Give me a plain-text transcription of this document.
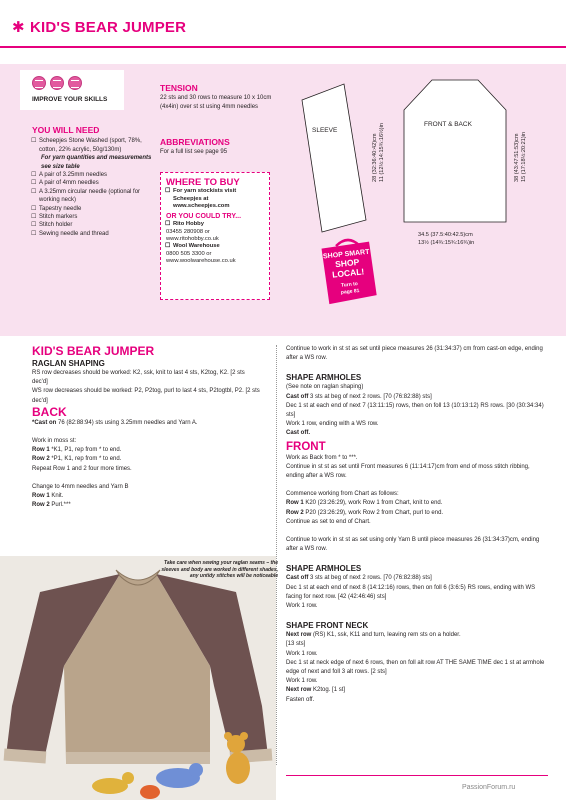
✱ KID'S BEAR JUMPER
IMPROVE YOUR SKILLS
YOU WILL NEED
☐ Scheepjes Stone Washed (sport, 78%, cotton, 22% acrylic, 50g/130m)
For yarn quantities and measurements see size table
☐ A pair of 3.25mm needles
☐ A pair of 4mm needles
☐ A 3.25mm circular needle (optional for working neck)
☐ Tapestry needle
☐ Stitch markers
☐ Stitch holder
☐ Sewing needle and thread
TENSION

22 sts and 30 rows to measure 10 x 10cm (4x4in) over st st using 4mm needles

ABBREVIATIONS

For a full list see page 95

WHERE TO BUY
☐ For yarn stockists visit Scheepjes at www.scheepjes.com
OR YOU COULD TRY...
☐ Rito Hobby
03455 280908 or
www.ritohobby.co.uk
☐ Wool Warehouse
0800 505 3300 or
www.woolwarehouse.co.uk
SLEEVE
28 (32:36:40:42)cm 11 (12½:14:15¾:16½)in	FRONT & BACK
38 (43:47:51:53)cm 15 (17:18½:20:21)in
34.5 (37.5:40:42.5)cm
13½ (14¾:15¾:16¾)in
SHOP SMART
SHOP
LOCAL!
Turn to
page 81
KID'S BEAR JUMPER
RAGLAN SHAPING

RS row decreases should be worked: K2, ssk, knit to last 4 sts, K2tog, K2. [2 sts dec'd]

WS row decreases should be worked: P2, P2tog, purl to last 4 sts, P2togtbl, P2. [2 sts dec'd]

BACK

*Cast on 76 (82:88:94) sts using 3.25mm needles and Yarn A.

Work in moss st:

Row 1 *K1, P1, rep from * to end.

Row 2 *P1, K1, rep from * to end.

Repeat Row 1 and 2 four more times.

Change to 4mm needles and Yarn B

Row 1 Knit.

Row 2 Purl.***

Take care when sewing your raglan seams – the sleeves and body are worked in different shades, any untidy stitches will be noticeable

Continue to work in st st as set until piece measures 26 (31:34:37) cm from cast-on edge, ending after a WS row.

SHAPE ARMHOLES

(See note on raglan shaping)

Cast off 3 sts at beg of next 2 rows. [70 (76:82:88) sts]

Dec 1 st at each end of next 7 (13:11:15) rows, then on foll 13 (10:13:12) RS rows. [30 (30:34:34) sts]

Work 1 row, ending with a WS row.

Cast off.

FRONT

Work as Back from * to ***.

Continue in st st as set until Front measures 6 (11:14:17)cm from end of moss stitch ribbing, ending after a WS row.

Commence working from Chart as follows:

Row 1 K20 (23:26:29), work Row 1 from Chart, knit to end.

Row 2 P20 (23:26:29), work Row 2 from Chart, purl to end.

Continue as set to end of Chart.

Continue to work in st st as set using only Yarn B until piece measures 26 (31:34:37)cm, ending after a WS row.

SHAPE ARMHOLES

Cast off 3 sts at beg of next 2 rows. [70 (76:82:88) sts]

Dec 1 st at each end of next 8 (14:12:16) rows, then on foll 6 (3:6:5) RS rows, ending with WS facing for next row. [42 (42:46:46) sts]

Work 1 row.

SHAPE FRONT NECK

Next row (RS) K1, ssk, K11 and turn, leaving rem sts on a holder.

[13 sts]

Work 1 row.

Dec 1 st at neck edge of next 6 rows, then on foll alt row AT THE SAME TIME dec 1 st at armhole edge of next and foll 3 alt rows. [2 sts]

Work 1 row.

Next row K2tog. [1 st]

Fasten off.

PassionForum.ru
